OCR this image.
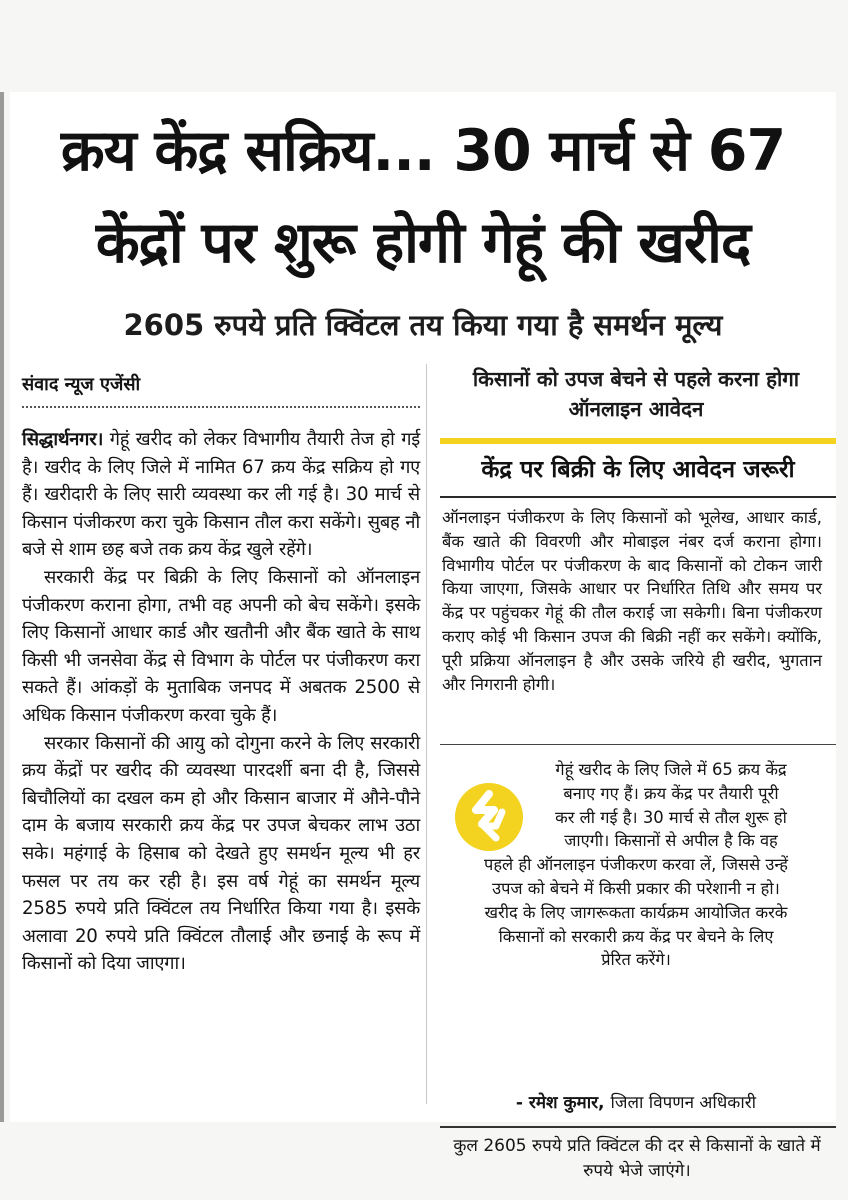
क्रय केंद्र सक्रिय... 30 मार्च से 67
केंद्रों पर शुरू होगी गेहूं की खरीद
2605 रुपये प्रति क्विंटल तय किया गया है समर्थन मूल्य
संवाद न्यूज एजेंसी

सिद्धार्थनगर। गेहूं खरीद को लेकर विभागीय तैयारी तेज हो गई है। खरीद के लिए जिले में नामित 67 क्रय केंद्र सक्रिय हो गए हैं। खरीदारी के लिए सारी व्यवस्था कर ली गई है। 30 मार्च से किसान पंजीकरण करा चुके किसान तौल करा सकेंगे। सुबह नौ बजे से शाम छह बजे तक क्रय केंद्र खुले रहेंगे।

सरकारी केंद्र पर बिक्री के लिए किसानों को ऑनलाइन पंजीकरण कराना होगा, तभी वह अपनी को बेच सकेंगे। इसके लिए किसानों आधार कार्ड और खतौनी और बैंक खाते के साथ किसी भी जनसेवा केंद्र से विभाग के पोर्टल पर पंजीकरण करा सकते हैं। आंकड़ों के मुताबिक जनपद में अबतक 2500 से अधिक किसान पंजीकरण करवा चुके हैं।

सरकार किसानों की आयु को दोगुना करने के लिए सरकारी क्रय केंद्रों पर खरीद की व्यवस्था पारदर्शी बना दी है, जिससे बिचौलियों का दखल कम हो और किसान बाजार में औने-पौने दाम के बजाय सरकारी क्रय केंद्र पर उपज बेचकर लाभ उठा सके। महंगाई के हिसाब को देखते हुए समर्थन मूल्य भी हर फसल पर तय कर रही है। इस वर्ष गेहूं का समर्थन मूल्य 2585 रुपये प्रति क्विंटल तय निर्धारित किया गया है। इसके अलावा 20 रुपये प्रति क्विंटल तौलाई और छनाई के रूप में किसानों को दिया जाएगा।

किसानों को उपज बेचने से पहले करना होगा ऑनलाइन आवेदन
केंद्र पर बिक्री के लिए आवेदन जरूरी

ऑनलाइन पंजीकरण के लिए किसानों को भूलेख, आधार कार्ड, बैंक खाते की विवरणी और मोबाइल नंबर दर्ज कराना होगा। विभागीय पोर्टल पर पंजीकरण के बाद किसानों को टोकन जारी किया जाएगा, जिसके आधार पर निर्धारित तिथि और समय पर केंद्र पर पहुंचकर गेहूं की तौल कराई जा सकेगी। बिना पंजीकरण कराए कोई भी किसान उपज की बिक्री नहीं कर सकेंगे। क्योंकि, पूरी प्रक्रिया ऑनलाइन है और उसके जरिये ही खरीद, भुगतान और निगरानी होगी।

गेहूं खरीद के लिए जिले में 65 क्रय केंद्र
बनाए गए हैं। क्रय केंद्र पर तैयारी पूरी
कर ली गई है। 30 मार्च से तौल शुरू हो
जाएगी। किसानों से अपील है कि वह
पहले ही ऑनलाइन पंजीकरण करवा लें, जिससे उन्हें
उपज को बेचने में किसी प्रकार की परेशानी न हो।
खरीद के लिए जागरूकता कार्यक्रम आयोजित करके
किसानों को सरकारी क्रय केंद्र पर बेचने के लिए
प्रेरित करेंगे।
- रमेश कुमार, जिला विपणन अधिकारी

कुल 2605 रुपये प्रति क्विंटल की दर से किसानों के खाते में रुपये भेजे जाएंगे।
